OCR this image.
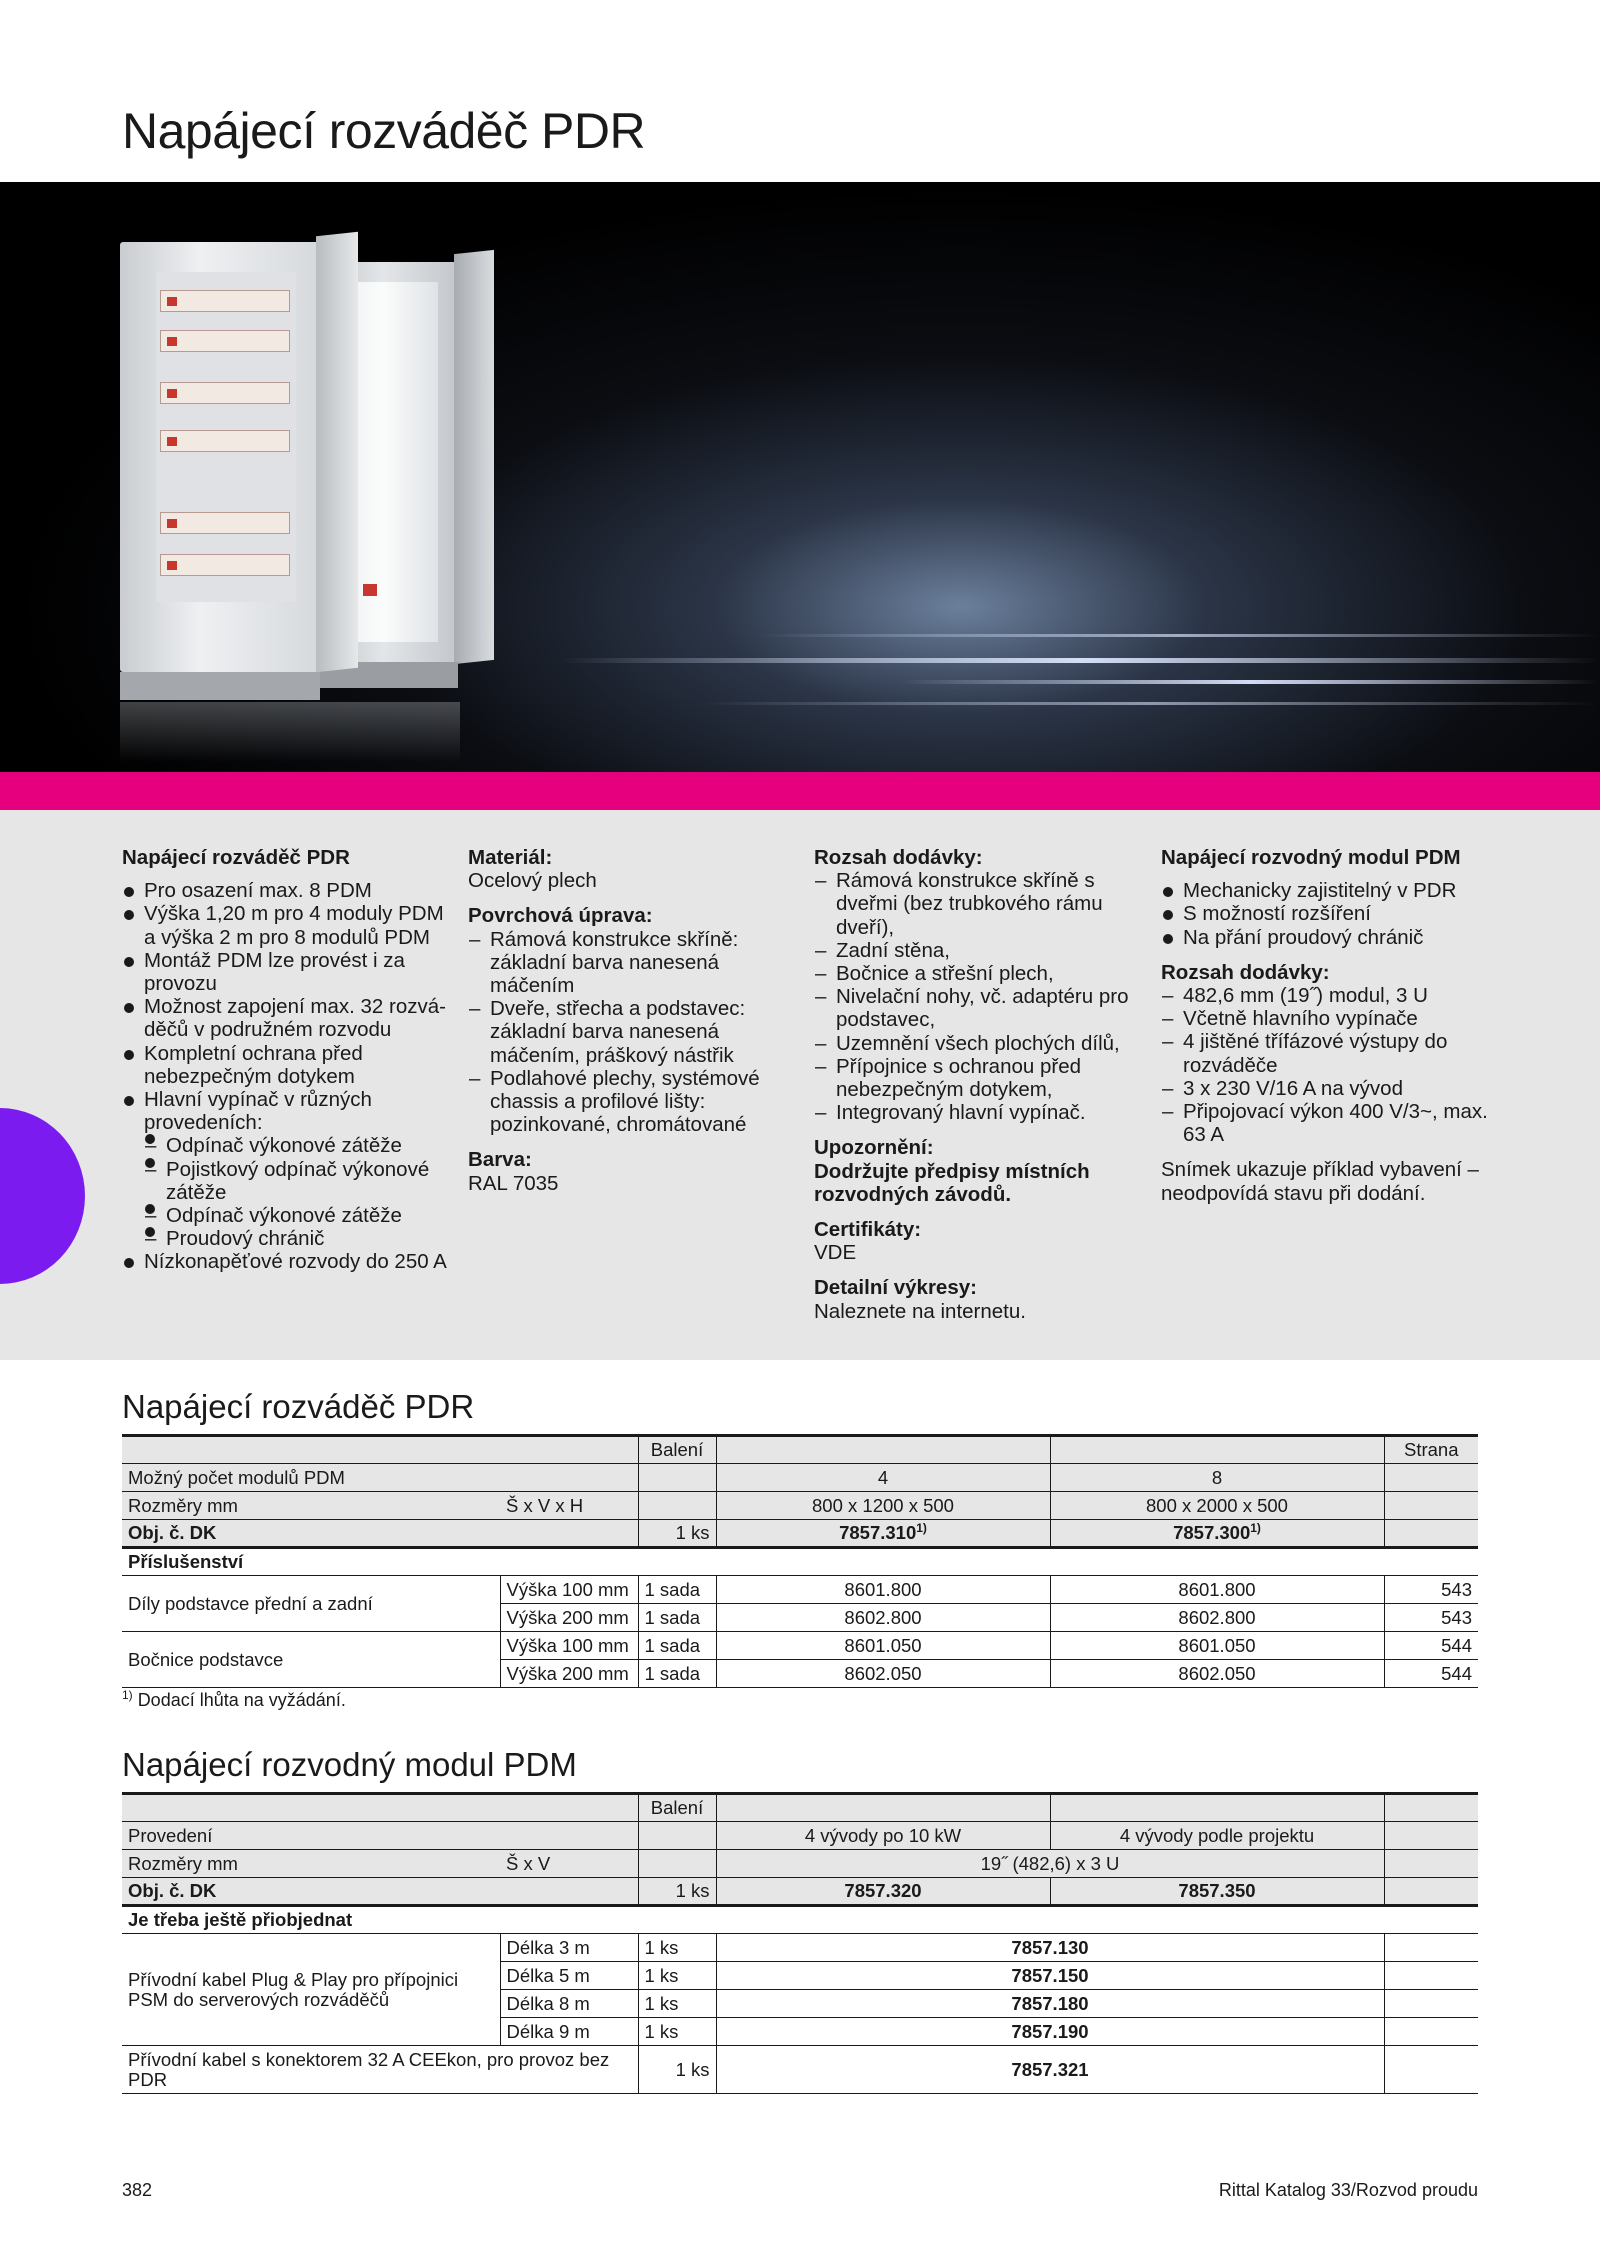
Napájecí rozváděč PDR

Napájecí rozváděč PDR

Pro osazení max. 8 PDM
Výška 1,20 m pro 4 moduly PDM a výška 2 m pro 8 modulů PDM
Montáž PDM lze provést i za provozu
Možnost zapojení max. 32 rozvá-děčů v podružném rozvodu
Kompletní ochrana před nebezpečným dotykem
Hlavní vypínač v různých provedeních:
– Odpínač výkonové zátěže
– Pojistkový odpínač výkonové zátěže
– Odpínač výkonové zátěže
– Proudový chránič
Nízkonapěťové rozvody do 250 A

Materiál:

Ocelový plech

Povrchová úprava:

– Rámová konstrukce skříně: základní barva nanesená máčením
– Dveře, střecha a podstavec: základní barva nanesená máčením, práškový nástřik
– Podlahové plechy, systémové chassis a profilové lišty: pozinkované, chromátované

Barva:

RAL 7035

Rozsah dodávky:

– Rámová konstrukce skříně s dveřmi (bez trubkového rámu dveří),
– Zadní stěna,
– Bočnice a střešní plech,
– Nivelační nohy, vč. adaptéru pro podstavec,
– Uzemnění všech plochých dílů,
– Přípojnice s ochranou před nebezpečným dotykem,
– Integrovaný hlavní vypínač.

Upozornění:

Dodržujte předpisy místních rozvodných závodů.

Certifikáty:

VDE

Detailní výkresy:

Naleznete na internetu.

Napájecí rozvodný modul PDM

Mechanicky zajistitelný v PDR
S možností rozšíření
Na přání proudový chránič

Rozsah dodávky:

– 482,6 mm (19˝) modul, 3 U
– Včetně hlavního vypínače
– 4 jištěné třífázové výstupy do rozváděče
– 3 x 230 V/16 A na vývod
– Připojovací výkon 400 V/3~, max. 63 A

Snímek ukazuje příklad vybavení – neodpovídá stavu při dodání.

Napájecí rozváděč PDR
		Balení			Strana
Možný počet modulů PDM			4	8	
Rozměry mm	Š x V x H		800 x 1200 x 500	800 x 2000 x 500	
Obj. č. DK		1 ks	7857.310$^{1)}$	7857.300$^{1)}$	
Příslušenství					
Díly podstavce přední a zadní	Výška 100 mm	1 sada	8601.800	8601.800	543
	Výška 200 mm	1 sada	8602.800	8602.800	543
Bočnice podstavce	Výška 100 mm	1 sada	8601.050	8601.050	544
	Výška 200 mm	1 sada	8602.050	8602.050	544
$^{1)}$ Dodací lhůta na vyžádání.
Napájecí rozvodný modul PDM
		Balení			
Provedení			4 vývody po 10 kW	4 vývody podle projektu	
Rozměry mm	Š x V		19˝ (482,6) x 3 U		
Obj. č. DK		1 ks	7857.320	7857.350	
Je třeba ještě přiobjednat					
Přívodní kabel Plug & Play pro přípojnici PSM do serverových rozváděčů	Délka 3 m	1 ks	7857.130		
	Délka 5 m	1 ks	7857.150		
	Délka 8 m	1 ks	7857.180		
	Délka 9 m	1 ks	7857.190		
Přívodní kabel s konektorem 32 A CEEkon, pro provoz bez PDR		1 ks	7857.321		
382	Rittal Katalog 33/Rozvod proudu
